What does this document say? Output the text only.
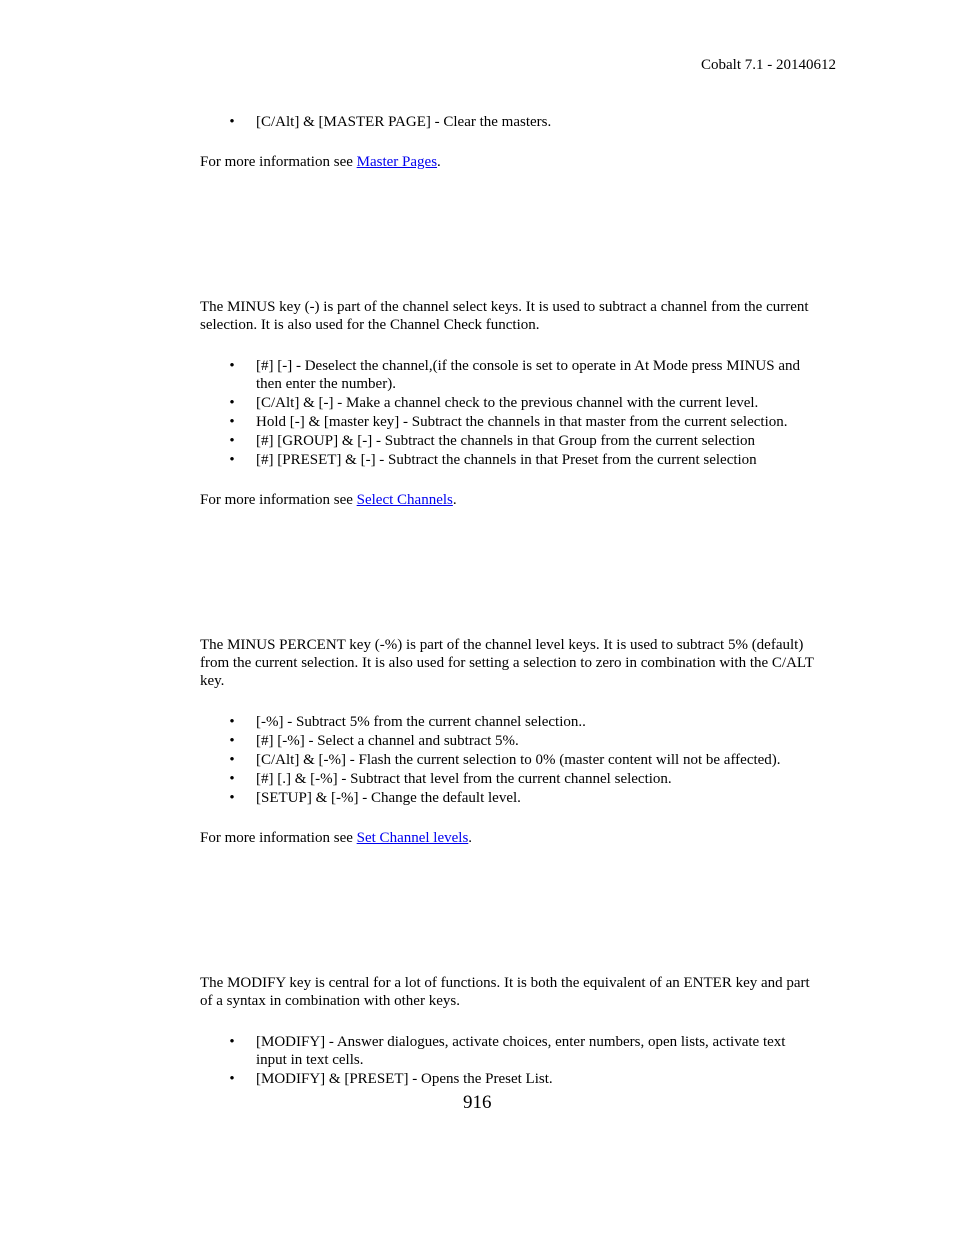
Cobalt 7.1 - 20140612
• [C/Alt] & [MASTER PAGE] - Clear the masters.
For more information see Master Pages.
The MINUS key (-) is part of the channel select keys. It is used to subtract a channel from the current
selection. It is also used for the Channel Check function.
• [#] [-] - Deselect the channel,(if the console is set to operate in At Mode press MINUS and
then enter the number).
• [C/Alt] & [-] - Make a channel check to the previous channel with the current level.
• Hold [-] & [master key] - Subtract the channels in that master from the current selection.
• [#] [GROUP] & [-] - Subtract the channels in that Group from the current selection
• [#] [PRESET] & [-] - Subtract the channels in that Preset from the current selection
For more information see Select Channels.
The MINUS PERCENT key (-%) is part of the channel level keys. It is used to subtract 5% (default)
from the current selection. It is also used for setting a selection to zero in combination with the C/ALT
key.
• [-%] - Subtract 5% from the current channel selection..
• [#] [-%] - Select a channel and subtract 5%.
• [C/Alt] & [-%] - Flash the current selection to 0% (master content will not be affected).
• [#] [.] & [-%] - Subtract that level from the current channel selection.
• [SETUP] & [-%] - Change the default level.
For more information see Set Channel levels.
The MODIFY key is central for a lot of functions. It is both the equivalent of an ENTER key and part
of a syntax in combination with other keys.
• [MODIFY] - Answer dialogues, activate choices, enter numbers, open lists, activate text
input in text cells.
• [MODIFY] & [PRESET] - Opens the Preset List.
916
